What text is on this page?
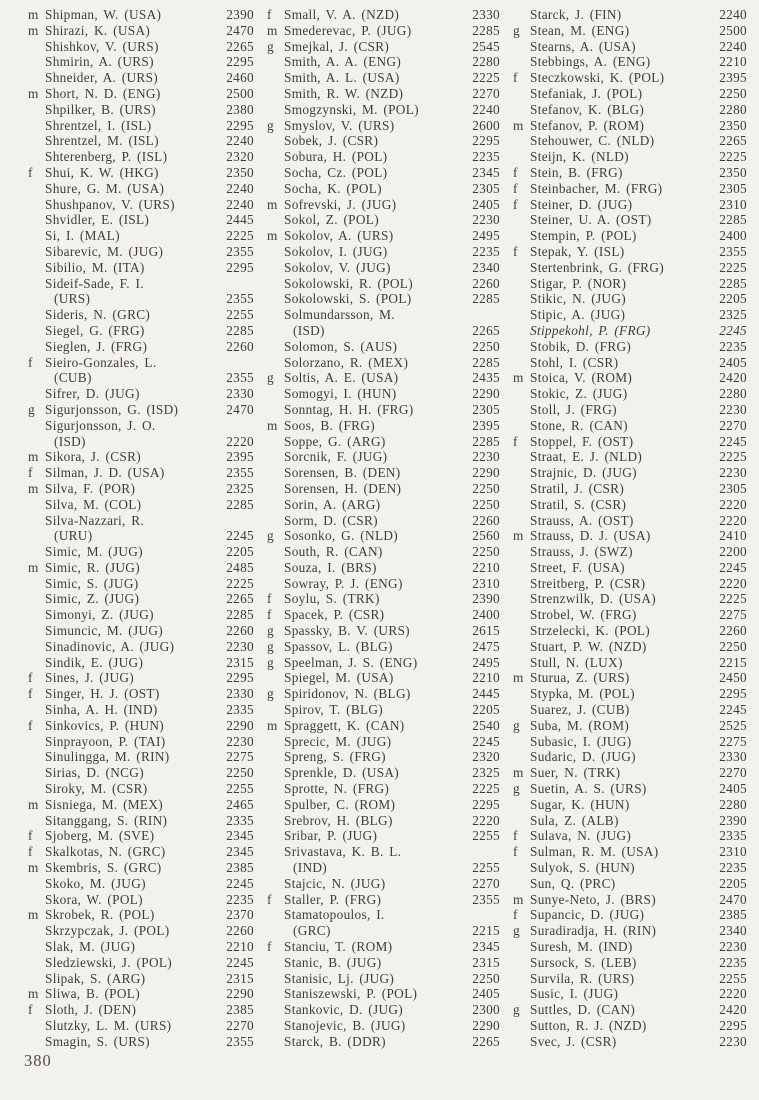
m Shipman, W. (USA)	2390
m Shirazi, K. (USA)	2470
Shishkov, V. (URS)	2265
Shmirin, A. (URS)	2295
Shneider, A. (URS)	2460
m Short, N. D. (ENG)	2500
Shpilker, B. (URS)	2380
Shrentzel, I. (ISL)	2295
Shrentzel, M. (ISL)	2240
Shterenberg, P. (ISL)	2320
f Shui, K. W. (HKG)	2350
Shure, G. M. (USA)	2240
Shushpanov, V. (URS)	2240
Shvidler, E. (ISL)	2445
Si, I. (MAL)	2225
Sibarevic, M. (JUG)	2355
Sibilio, M. (ITA)	2295
Sideif-Sade, F. I.
(URS)	2355
Sideris, N. (GRC)	2255
Siegel, G. (FRG)	2285
Sieglen, J. (FRG)	2260
f Sieiro-Gonzales, L.
(CUB)	2355
Sifrer, D. (JUG)	2330
g Sigurjonsson, G. (ISD)	2470
Sigurjonsson, J. O.
(ISD)	2220
m Sikora, J. (CSR)	2395
f Silman, J. D. (USA)	2355
m Silva, F. (POR)	2325
Silva, M. (COL)	2285
Silva-Nazzari, R.
(URU)	2245
Simic, M. (JUG)	2205
m Simic, R. (JUG)	2485
Simic, S. (JUG)	2225
Simic, Z. (JUG)	2265
Simonyi, Z. (JUG)	2285
Simuncic, M. (JUG)	2260
Sinadinovic, A. (JUG)	2230
Sindik, E. (JUG)	2315
f Sines, J. (JUG)	2295
f Singer, H. J. (OST)	2330
Sinha, A. H. (IND)	2335
f Sinkovics, P. (HUN)	2290
Sinprayoon, P. (TAI)	2230
Sinulingga, M. (RIN)	2275
Sirias, D. (NCG)	2250
Siroky, M. (CSR)	2255
m Sisniega, M. (MEX)	2465
Sitanggang, S. (RIN)	2335
f Sjoberg, M. (SVE)	2345
f Skalkotas, N. (GRC)	2345
m Skembris, S. (GRC)	2385
Skoko, M. (JUG)	2245
Skora, W. (POL)	2235
m Skrobek, R. (POL)	2370
Skrzypczak, J. (POL)	2260
Slak, M. (JUG)	2210
Sledziewski, J. (POL)	2245
Slipak, S. (ARG)	2315
m Sliwa, B. (POL)	2290
f Sloth, J. (DEN)	2385
Slutzky, L. M. (URS)	2270
Smagin, S. (URS)	2355
f Small, V. A. (NZD)	2330
m Smederevac, P. (JUG)	2285
g Smejkal, J. (CSR)	2545
Smith, A. A. (ENG)	2280
Smith, A. L. (USA)	2225
Smith, R. W. (NZD)	2270
Smogzynski, M. (POL)	2240
g Smyslov, V. (URS)	2600
Sobek, J. (CSR)	2295
Sobura, H. (POL)	2235
Socha, Cz. (POL)	2345
Socha, K. (POL)	2305
m Sofrevski, J. (JUG)	2405
Sokol, Z. (POL)	2230
m Sokolov, A. (URS)	2495
Sokolov, I. (JUG)	2235
Sokolov, V. (JUG)	2340
Sokolowski, R. (POL)	2260
Sokolowski, S. (POL)	2285
Solmundarsson, M.
(ISD)	2265
Solomon, S. (AUS)	2250
Solorzano, R. (MEX)	2285
g Soltis, A. E. (USA)	2435
Somogyi, I. (HUN)	2290
Sonntag, H. H. (FRG)	2305
m Soos, B. (FRG)	2395
Soppe, G. (ARG)	2285
Sorcnik, F. (JUG)	2230
Sorensen, B. (DEN)	2290
Sorensen, H. (DEN)	2250
Sorin, A. (ARG)	2250
Sorm, D. (CSR)	2260
g Sosonko, G. (NLD)	2560
South, R. (CAN)	2250
Souza, I. (BRS)	2210
Sowray, P. J. (ENG)	2310
f Soylu, S. (TRK)	2390
f Spacek, P. (CSR)	2400
g Spassky, B. V. (URS)	2615
g Spassov, L. (BLG)	2475
g Speelman, J. S. (ENG)	2495
Spiegel, M. (USA)	2210
g Spiridonov, N. (BLG)	2445
Spirov, T. (BLG)	2205
m Spraggett, K. (CAN)	2540
Sprecic, M. (JUG)	2245
Spreng, S. (FRG)	2320
Sprenkle, D. (USA)	2325
Sprotte, N. (FRG)	2225
Spulber, C. (ROM)	2295
Srebrov, H. (BLG)	2220
Sribar, P. (JUG)	2255
Srivastava, K. B. L.
(IND)	2255
Stajcic, N. (JUG)	2270
f Staller, P. (FRG)	2355
Stamatopoulos, I.
(GRC)	2215
f Stanciu, T. (ROM)	2345
Stanic, B. (JUG)	2315
Stanisic, Lj. (JUG)	2250
Staniszewski, P. (POL)	2405
Stankovic, D. (JUG)	2300
Stanojevic, B. (JUG)	2290
Starck, B. (DDR)	2265
Starck, J. (FIN)	2240
g Stean, M. (ENG)	2500
Stearns, A. (USA)	2240
Stebbings, A. (ENG)	2210
f Steczkowski, K. (POL)	2395
Stefaniak, J. (POL)	2250
Stefanov, K. (BLG)	2280
m Stefanov, P. (ROM)	2350
Stehouwer, C. (NLD)	2265
Steijn, K. (NLD)	2225
f Stein, B. (FRG)	2350
f Steinbacher, M. (FRG)	2305
f Steiner, D. (JUG)	2310
Steiner, U. A. (OST)	2285
Stempin, P. (POL)	2400
f Stepak, Y. (ISL)	2355
Stertenbrink, G. (FRG)	2225
Stigar, P. (NOR)	2285
Stikic, N. (JUG)	2205
Stipic, A. (JUG)	2325
Stippekohl, P. (FRG)	2245
Stobik, D. (FRG)	2235
Stohl, I. (CSR)	2405
m Stoica, V. (ROM)	2420
Stokic, Z. (JUG)	2280
Stoll, J. (FRG)	2230
Stone, R. (CAN)	2270
f Stoppel, F. (OST)	2245
Straat, E. J. (NLD)	2225
Strajnic, D. (JUG)	2230
Stratil, J. (CSR)	2305
Stratil, S. (CSR)	2220
Strauss, A. (OST)	2220
m Strauss, D. J. (USA)	2410
Strauss, J. (SWZ)	2200
Street, F. (USA)	2245
Streitberg, P. (CSR)	2220
Strenzwilk, D. (USA)	2225
Strobel, W. (FRG)	2275
Strzelecki, K. (POL)	2260
Stuart, P. W. (NZD)	2250
Stull, N. (LUX)	2215
m Sturua, Z. (URS)	2450
Stypka, M. (POL)	2295
Suarez, J. (CUB)	2245
g Suba, M. (ROM)	2525
Subasic, I. (JUG)	2275
Sudaric, D. (JUG)	2330
m Suer, N. (TRK)	2270
g Suetin, A. S. (URS)	2405
Sugar, K. (HUN)	2280
Sula, Z. (ALB)	2390
f Sulava, N. (JUG)	2335
f Sulman, R. M. (USA)	2310
Sulyok, S. (HUN)	2235
Sun, Q. (PRC)	2205
m Sunye-Neto, J. (BRS)	2470
f Supancic, D. (JUG)	2385
g Suradiradja, H. (RIN)	2340
Suresh, M. (IND)	2230
Sursock, S. (LEB)	2235
Survila, R. (URS)	2255
Susic, I. (JUG)	2220
g Suttles, D. (CAN)	2420
Sutton, R. J. (NZD)	2295
Svec, J. (CSR)	2230
380
